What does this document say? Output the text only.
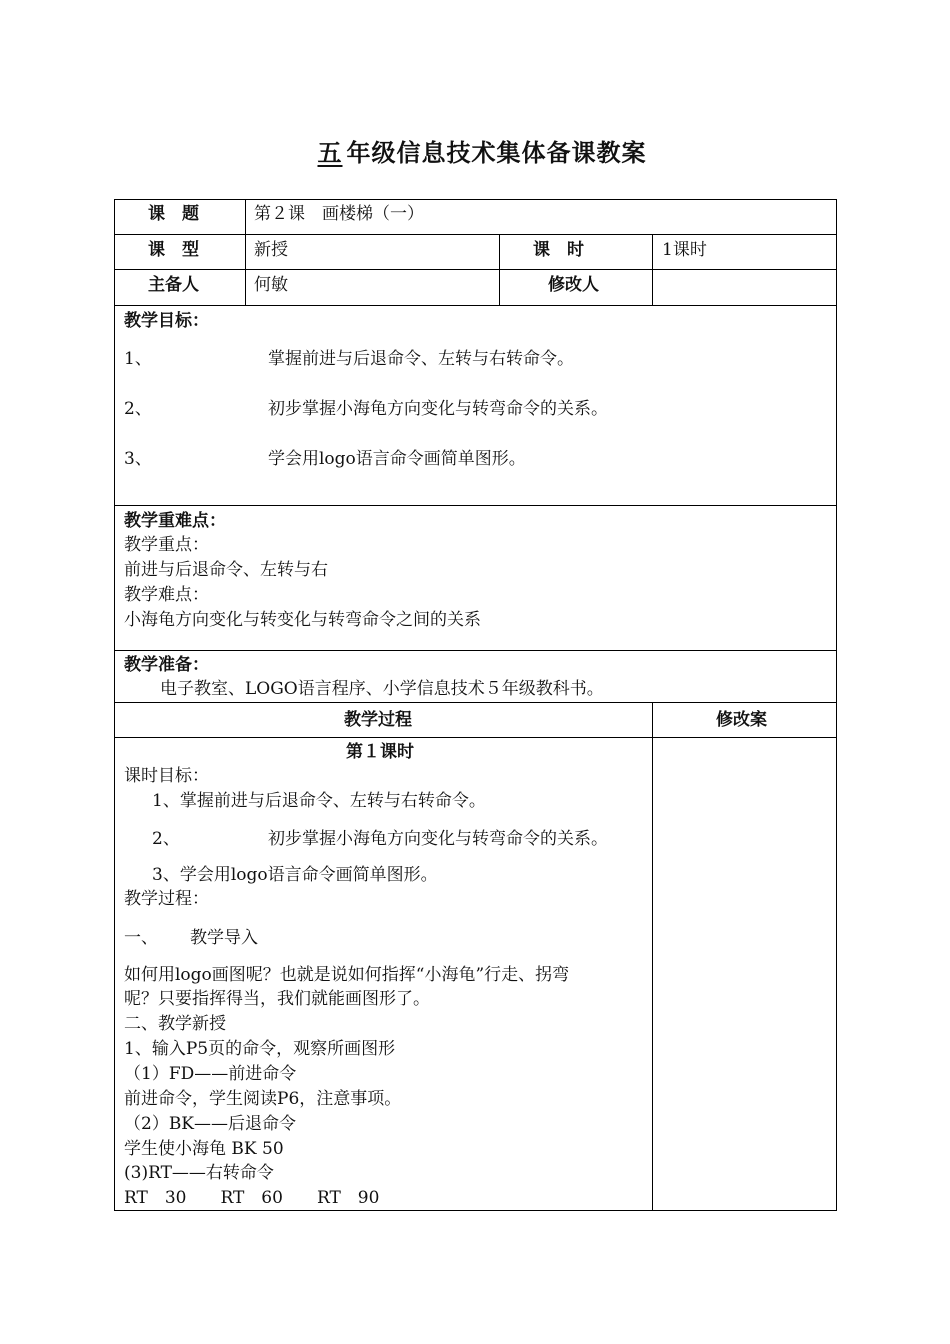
五 年级信息技术集体备课教案
课　题	第２课　画楼梯（一）
课　型	新授	课　时	1课时
主备人	何敏	修改人
教学目标：
1、	掌握前进与后退命令、左转与右转命令。
2、	初步掌握小海龟方向变化与转弯命令的关系。
3、	学会用logo语言命令画简单图形。
教学重难点：
教学重点：
前进与后退命令、左转与右
教学难点：
小海龟方向变化与转变化与转弯命令之间的关系
教学准备：
电子教室、LOGO语言程序、小学信息技术５年级教科书。
教学过程	修改案
第１课时
课时目标：
1、掌握前进与后退命令、左转与右转命令。
2、	初步掌握小海龟方向变化与转弯命令的关系。
3、学会用logo语言命令画简单图形。
教学过程：
一、 教学导入
如何用logo画图呢？也就是说如何指挥“小海龟”行走、拐弯
呢？只要指挥得当，我们就能画图形了。
二、教学新授
1、输入P5页的命令，观察所画图形
（1）FD——前进命令
前进命令，学生阅读P6，注意事项。
（2）BK——后退命令
学生使小海龟 BK 50
(3)RT——右转命令
RT　30　　RT　60　　RT　90
